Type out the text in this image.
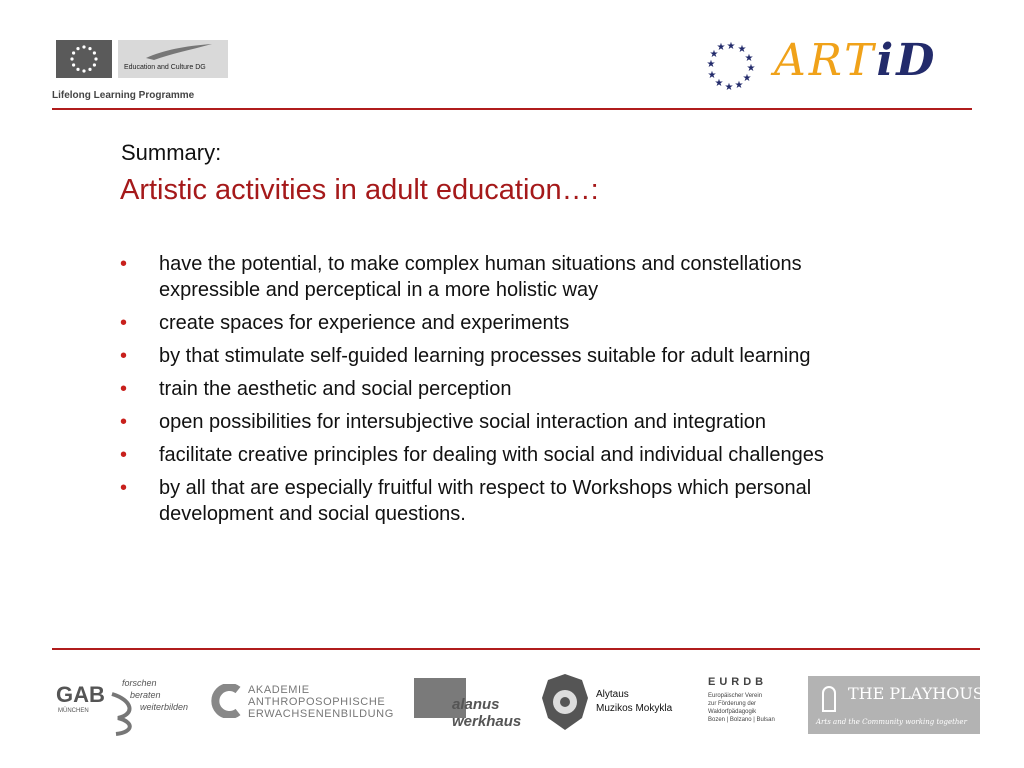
Education and Culture DG
Lifelong Learning Programme
★ ★
★
★
★
★
★
★
★
★
★
★ ARTiD
Summary:
Artistic activities in adult education…:
• have the potential, to make complex human situations and constellations expressible and perceptical in a more holistic way
• create spaces for experience and experiments
• by that stimulate self-guided learning processes suitable for adult learning
• train the aesthetic and social perception
• open possibilities for intersubjective social interaction and integration
• facilitate creative principles for dealing with social and individual challenges
• by all that are especially fruitful with respect to Workshops which personal development and social questions.
GAB
MÜNCHEN
forschen
beraten
weiterbilden
AKADEMIE
ANTHROPOSOPHISCHE
ERWACHSENENBILDUNG
alanus
werkhaus
Alytaus
Muzikos Mokykla
EURDB
Europäischer Verein
zur Förderung der
Waldorfpädagogik
Bozen | Bolzano | Bulsan
THE PLAYHOUSE
Arts and the Community working together
